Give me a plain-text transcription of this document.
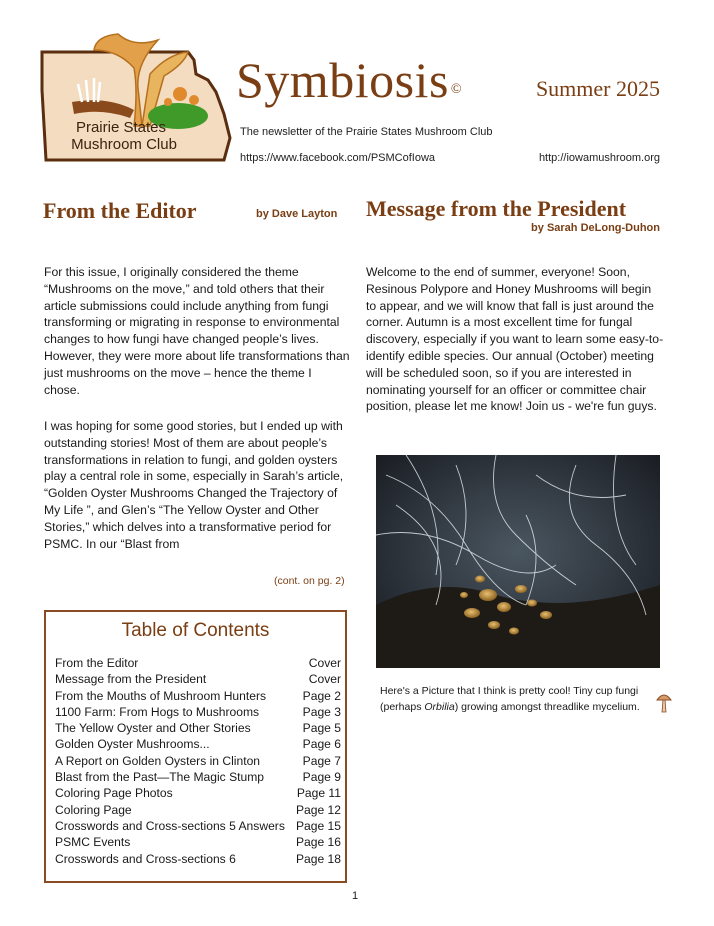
Prairie States
Mushroom Club
Symbiosis ©	Summer 2025
The newsletter of the Prairie States Mushroom Club
https://www.facebook.com/PSMCofIowa	http://iowamushroom.org
From the Editor	by Dave Layton
For this issue, I originally considered the theme “Mushrooms on the move,” and told others that their article submissions could include anything from fungi transforming or migrating in response to environmental changes to how fungi have changed people’s lives. However, they were more about life transformations than just mushrooms on the move – hence the theme I chose.
I was hoping for some good stories, but I ended up with outstanding stories! Most of them are about people’s transformations in relation to fungi, and golden oysters play a central role in some, especially in Sarah’s article, “Golden Oyster Mushrooms Changed the Trajectory of My Life ”, and Glen’s “The Yellow Oyster and Other Stories,” which delves into a transformative period for PSMC. In our “Blast from
(cont. on pg. 2)
Message from the President
by Sarah DeLong-Duhon
Welcome to the end of summer, everyone! Soon, Resinous Polypore and Honey Mushrooms will begin to appear, and we will know that fall is just around the corner. Autumn is a most excellent time for fungal discovery, especially if you want to learn some easy-to-identify edible species. Our annual (October) meeting will be scheduled soon, so if you are interested in nominating yourself for an officer or committee chair position, please let me know! Join us - we're fun guys.
Table of Contents
From the Editor	Cover
Message from the President	Cover
From the Mouths of Mushroom Hunters	Page 2
1100 Farm: From Hogs to Mushrooms	Page 3
The Yellow Oyster and Other Stories	Page 5
Golden Oyster Mushrooms...	Page 6
A Report on Golden Oysters in Clinton	Page 7
Blast from the Past—The Magic Stump	Page 9
Coloring Page Photos	Page 11
Coloring Page	Page 12
Crosswords and Cross-sections 5 Answers Page 15
PSMC Events	Page 16
Crosswords and Cross-sections 6	Page 18
Here's a Picture that I think is pretty cool! Tiny cup fungi (perhaps Orbilia) growing amongst threadlike mycelium.
1
